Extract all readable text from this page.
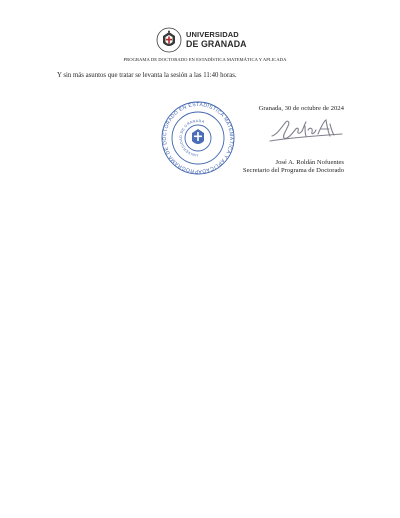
UNIVERSIDAD
DE GRANADA
PROGRAMA DE DOCTORADO EN ESTADÍSTICA MATEMÁTICA Y APLICADA
Y sin más asuntos que tratar se levanta la sesión a las 11:40 horas.
Granada, 30 de octubre de 2024
PROGRAMA DE DOCTORADO EN ESTADÍSTICA MATEMÁTICA Y APLICADA
UNIVERSIDAD DE GRANADA
José A. Roldán Nofuentes
Secretario del Programa de Doctorado
